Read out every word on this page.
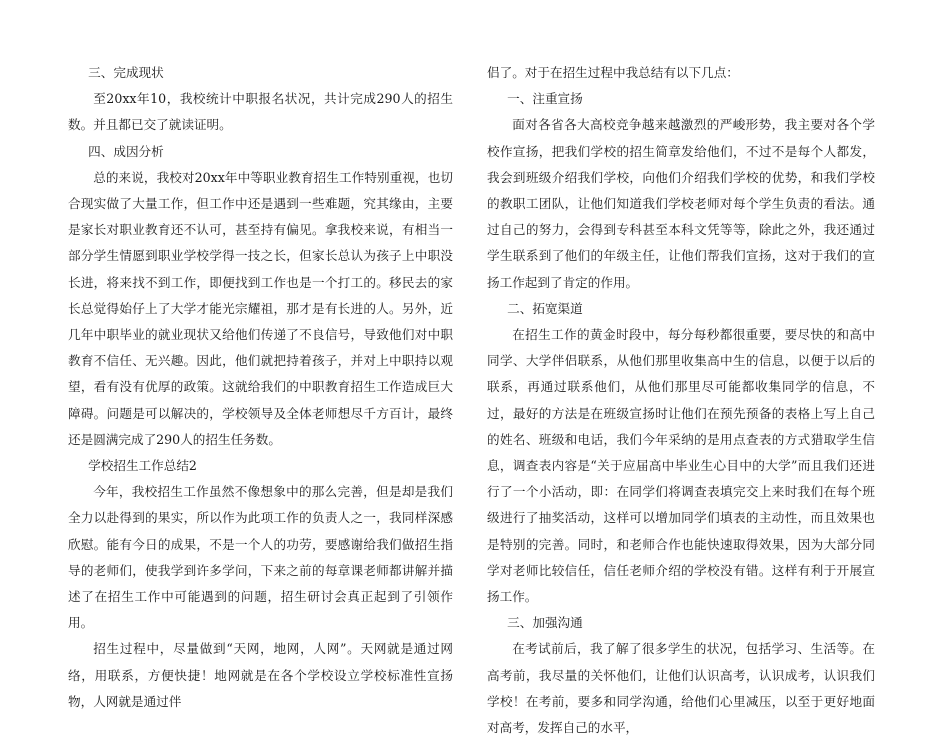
三、完成现状

至20xx年10，我校统计中职报名状况，共计完成290人的招生数。并且都已交了就读证明。

四、成因分析

总的来说，我校对20xx年中等职业教育招生工作特别重视，也切合现实做了大量工作，但工作中还是遇到一些难题，究其缘由，主要是家长对职业教育还不认可，甚至持有偏见。拿我校来说，有相当一部分学生情愿到职业学校学得一技之长，但家长总认为孩子上中职没长进，将来找不到工作，即便找到工作也是一个打工的。移民去的家长总觉得始仔上了大学才能光宗耀祖，那才是有长进的人。另外，近几年中职毕业的就业现状又给他们传递了不良信号，导致他们对中职教育不信任、无兴趣。因此，他们就把持着孩子，并对上中职持以观望，看有没有优厚的政策。这就给我们的中职教育招生工作造成巨大障碍。问题是可以解决的，学校领导及全体老师想尽千方百计，最终还是圆满完成了290人的招生任务数。

学校招生工作总结2

今年，我校招生工作虽然不像想象中的那么完善，但是却是我们全力以赴得到的果实，所以作为此项工作的负责人之一，我同样深感欣慰。能有今日的成果，不是一个人的功劳，要感谢给我们做招生指导的老师们，使我学到许多学问，下来之前的每章课老师都讲解并描述了在招生工作中可能遇到的问题，招生研讨会真正起到了引领作用。

招生过程中，尽量做到“天网，地网，人网”。天网就是通过网络，用联系，方便快捷！地网就是在各个学校设立学校标准性宣扬物，人网就是通过伴

侣了。对于在招生过程中我总结有以下几点：

一、注重宣扬

面对各省各大高校竞争越来越激烈的严峻形势，我主要对各个学校作宣扬，把我们学校的招生简章发给他们，不过不是每个人都发，我会到班级介绍我们学校，向他们介绍我们学校的优势，和我们学校的教职工团队，让他们知道我们学校老师对每个学生负责的看法。通过自己的努力，会得到专科甚至本科文凭等等，除此之外，我还通过学生联系到了他们的年级主任，让他们帮我们宣扬，这对于我们的宣扬工作起到了肯定的作用。

二、拓宽渠道

在招生工作的黄金时段中，每分每秒都很重要，要尽快的和高中同学、大学伴侣联系，从他们那里收集高中生的信息，以便于以后的联系，再通过联系他们，从他们那里尽可能都收集同学的信息，不过，最好的方法是在班级宣扬时让他们在预先预备的表格上写上自己的姓名、班级和电话，我们今年采纳的是用点查表的方式猎取学生信息，调查表内容是“关于应届高中毕业生心目中的大学”而且我们还进行了一个小活动，即：在同学们将调查表填完交上来时我们在每个班级进行了抽奖活动，这样可以增加同学们填表的主动性，而且效果也是特别的完善。同时，和老师合作也能快速取得效果，因为大部分同学对老师比较信任，信任老师介绍的学校没有错。这样有利于开展宣扬工作。

三、加强沟通

在考试前后，我了解了很多学生的状况，包括学习、生活等。在高考前，我尽量的关怀他们，让他们认识高考，认识成考，认识我们学校！在考前，要多和同学沟通，给他们心里减压，以至于更好地面对高考，发挥自己的水平，
